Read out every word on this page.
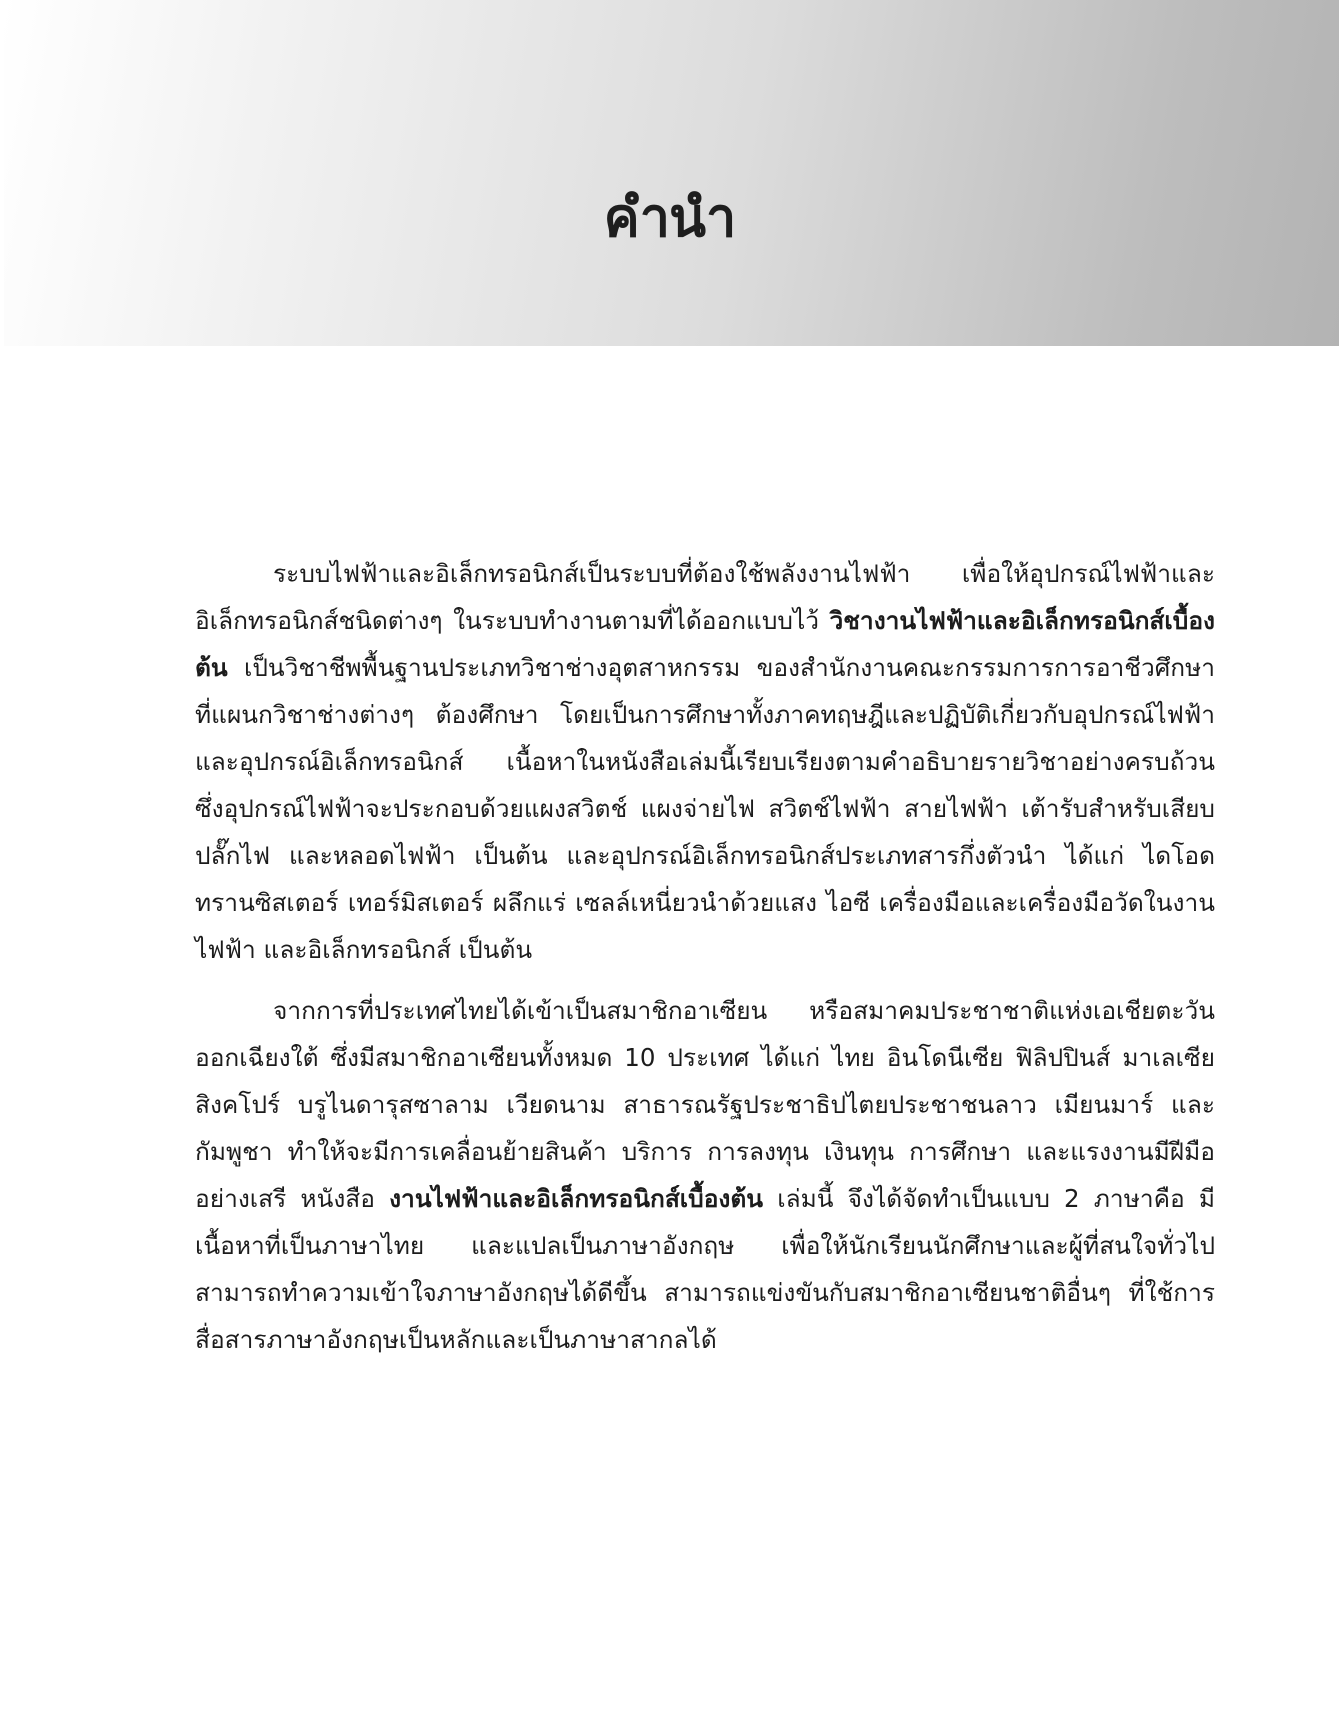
คำนำ

ระบบไฟฟ้าและอิเล็กทรอนิกส์เป็นระบบที่ต้องใช้พลังงานไฟฟ้า เพื่อให้อุปกรณ์ไฟฟ้าและอิเล็กทรอนิกส์ชนิดต่างๆ ในระบบทำงานตามที่ได้ออกแบบไว้ วิชางานไฟฟ้าและอิเล็กทรอนิกส์เบื้องต้น เป็นวิชาชีพพื้นฐานประเภทวิชาช่างอุตสาหกรรม ของสำนักงานคณะกรรมการการอาชีวศึกษา ที่แผนกวิชาช่างต่างๆ ต้องศึกษา โดยเป็นการศึกษาทั้งภาคทฤษฎีและปฏิบัติเกี่ยวกับอุปกรณ์ไฟฟ้าและอุปกรณ์อิเล็กทรอนิกส์ เนื้อหาในหนังสือเล่มนี้เรียบเรียงตามคำอธิบายรายวิชาอย่างครบถ้วน ซึ่งอุปกรณ์ไฟฟ้าจะประกอบด้วยแผงสวิตช์ แผงจ่ายไฟ สวิตช์ไฟฟ้า สายไฟฟ้า เต้ารับสำหรับเสียบปลั๊กไฟ และหลอดไฟฟ้า เป็นต้น และอุปกรณ์อิเล็กทรอนิกส์ประเภทสารกึ่งตัวนำ ได้แก่ ไดโอด ทรานซิสเตอร์ เทอร์มิสเตอร์ ผลึกแร่ เซลล์เหนี่ยวนำด้วยแสง ไอซี เครื่องมือและเครื่องมือวัดในงานไฟฟ้า และอิเล็กทรอนิกส์ เป็นต้น

จากการที่ประเทศไทยได้เข้าเป็นสมาชิกอาเซียน หรือสมาคมประชาชาติแห่งเอเชียตะวันออกเฉียงใต้ ซึ่งมีสมาชิกอาเซียนทั้งหมด 10 ประเทศ ได้แก่ ไทย อินโดนีเซีย ฟิลิปปินส์ มาเลเซีย สิงคโปร์ บรูไนดารุสซาลาม เวียดนาม สาธารณรัฐประชาธิปไตยประชาชนลาว เมียนมาร์ และกัมพูชา ทำให้จะมีการเคลื่อนย้ายสินค้า บริการ การลงทุน เงินทุน การศึกษา และแรงงานมีฝีมืออย่างเสรี หนังสือ งานไฟฟ้าและอิเล็กทรอนิกส์เบื้องต้น เล่มนี้ จึงได้จัดทำเป็นแบบ 2 ภาษาคือ มีเนื้อหาที่เป็นภาษาไทย และแปลเป็นภาษาอังกฤษ เพื่อให้นักเรียนนักศึกษาและผู้ที่สนใจทั่วไปสามารถทำความเข้าใจภาษาอังกฤษได้ดีขึ้น สามารถแข่งขันกับสมาชิกอาเซียนชาติอื่นๆ ที่ใช้การสื่อสารภาษาอังกฤษเป็นหลักและเป็นภาษาสากลได้
